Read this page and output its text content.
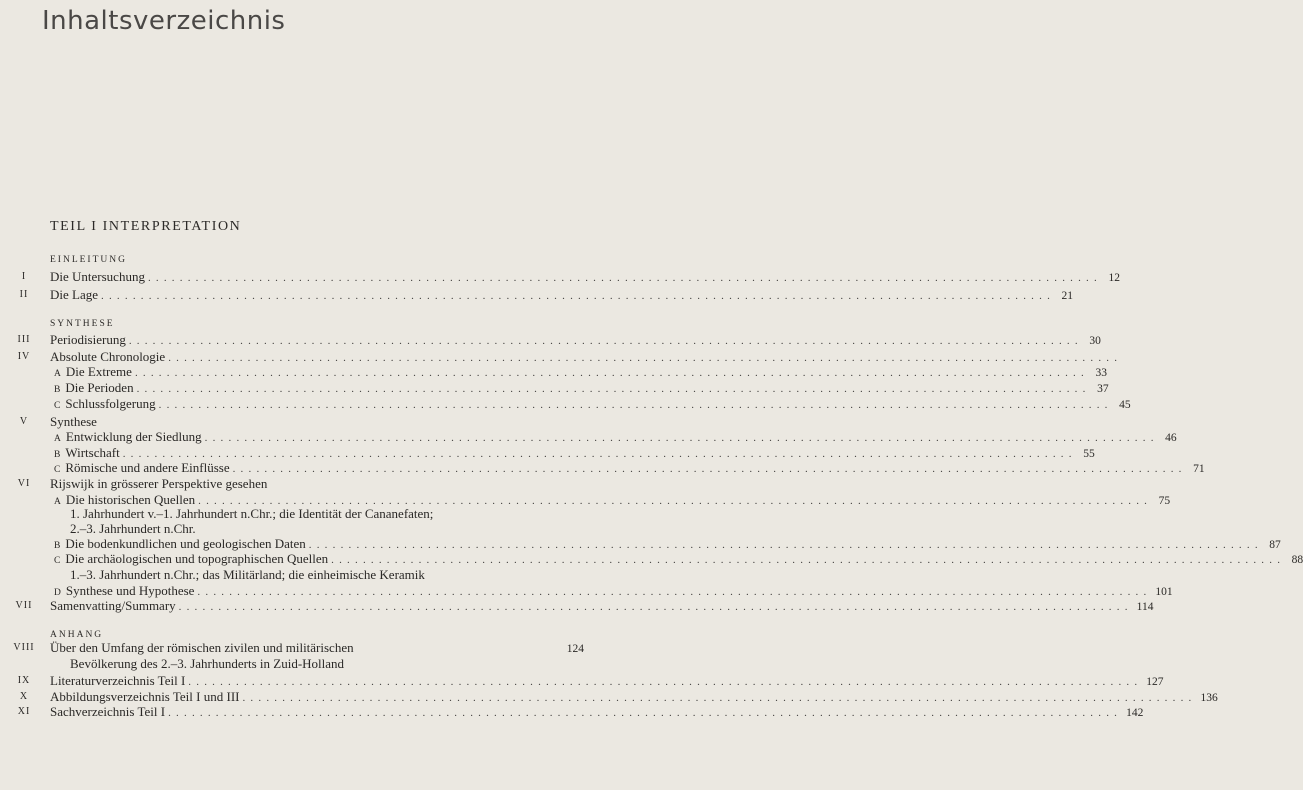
Inhaltsverzeichnis
TEIL I INTERPRETATION
EINLEITUNG
SYNTHESE
ANHANG
I	Die Untersuchung ........................................................................................................................ 12
II	Die Lage ........................................................................................................................ 21
III	Periodisierung ........................................................................................................................ 30
IV	Absolute Chronologie ........................................................................................................................
A Die Extreme ........................................................................................................................ 33
B Die Perioden ........................................................................................................................ 37
C Schlussfolgerung ........................................................................................................................ 45
V	Synthese
A Entwicklung der Siedlung ........................................................................................................................ 46
B Wirtschaft ........................................................................................................................ 55
C Römische und andere Einflüsse ........................................................................................................................ 71
VI	Rijswijk in grösserer Perspektive gesehen
A Die historischen Quellen ........................................................................................................................ 75
1. Jahrhundert v.–1. Jahrhundert n.Chr.; die Identität der Cananefaten;
2.–3. Jahrhundert n.Chr.
B Die bodenkundlichen und geologischen Daten ........................................................................................................................ 87
C Die archäologischen und topographischen Quellen ........................................................................................................................ 88
1.–3. Jahrhundert n.Chr.; das Militärland; die einheimische Keramik
D Synthese und Hypothese ........................................................................................................................ 101
VII	Samenvatting/Summary ........................................................................................................................ 114
VIII	Über den Umfang der römischen zivilen und militärischen	124
Bevölkerung des 2.–3. Jahrhunderts in Zuid-Holland
IX	Literaturverzeichnis Teil I ........................................................................................................................ 127
X	Abbildungsverzeichnis Teil I und III ........................................................................................................................ 136
XI	Sachverzeichnis Teil I ........................................................................................................................ 142
